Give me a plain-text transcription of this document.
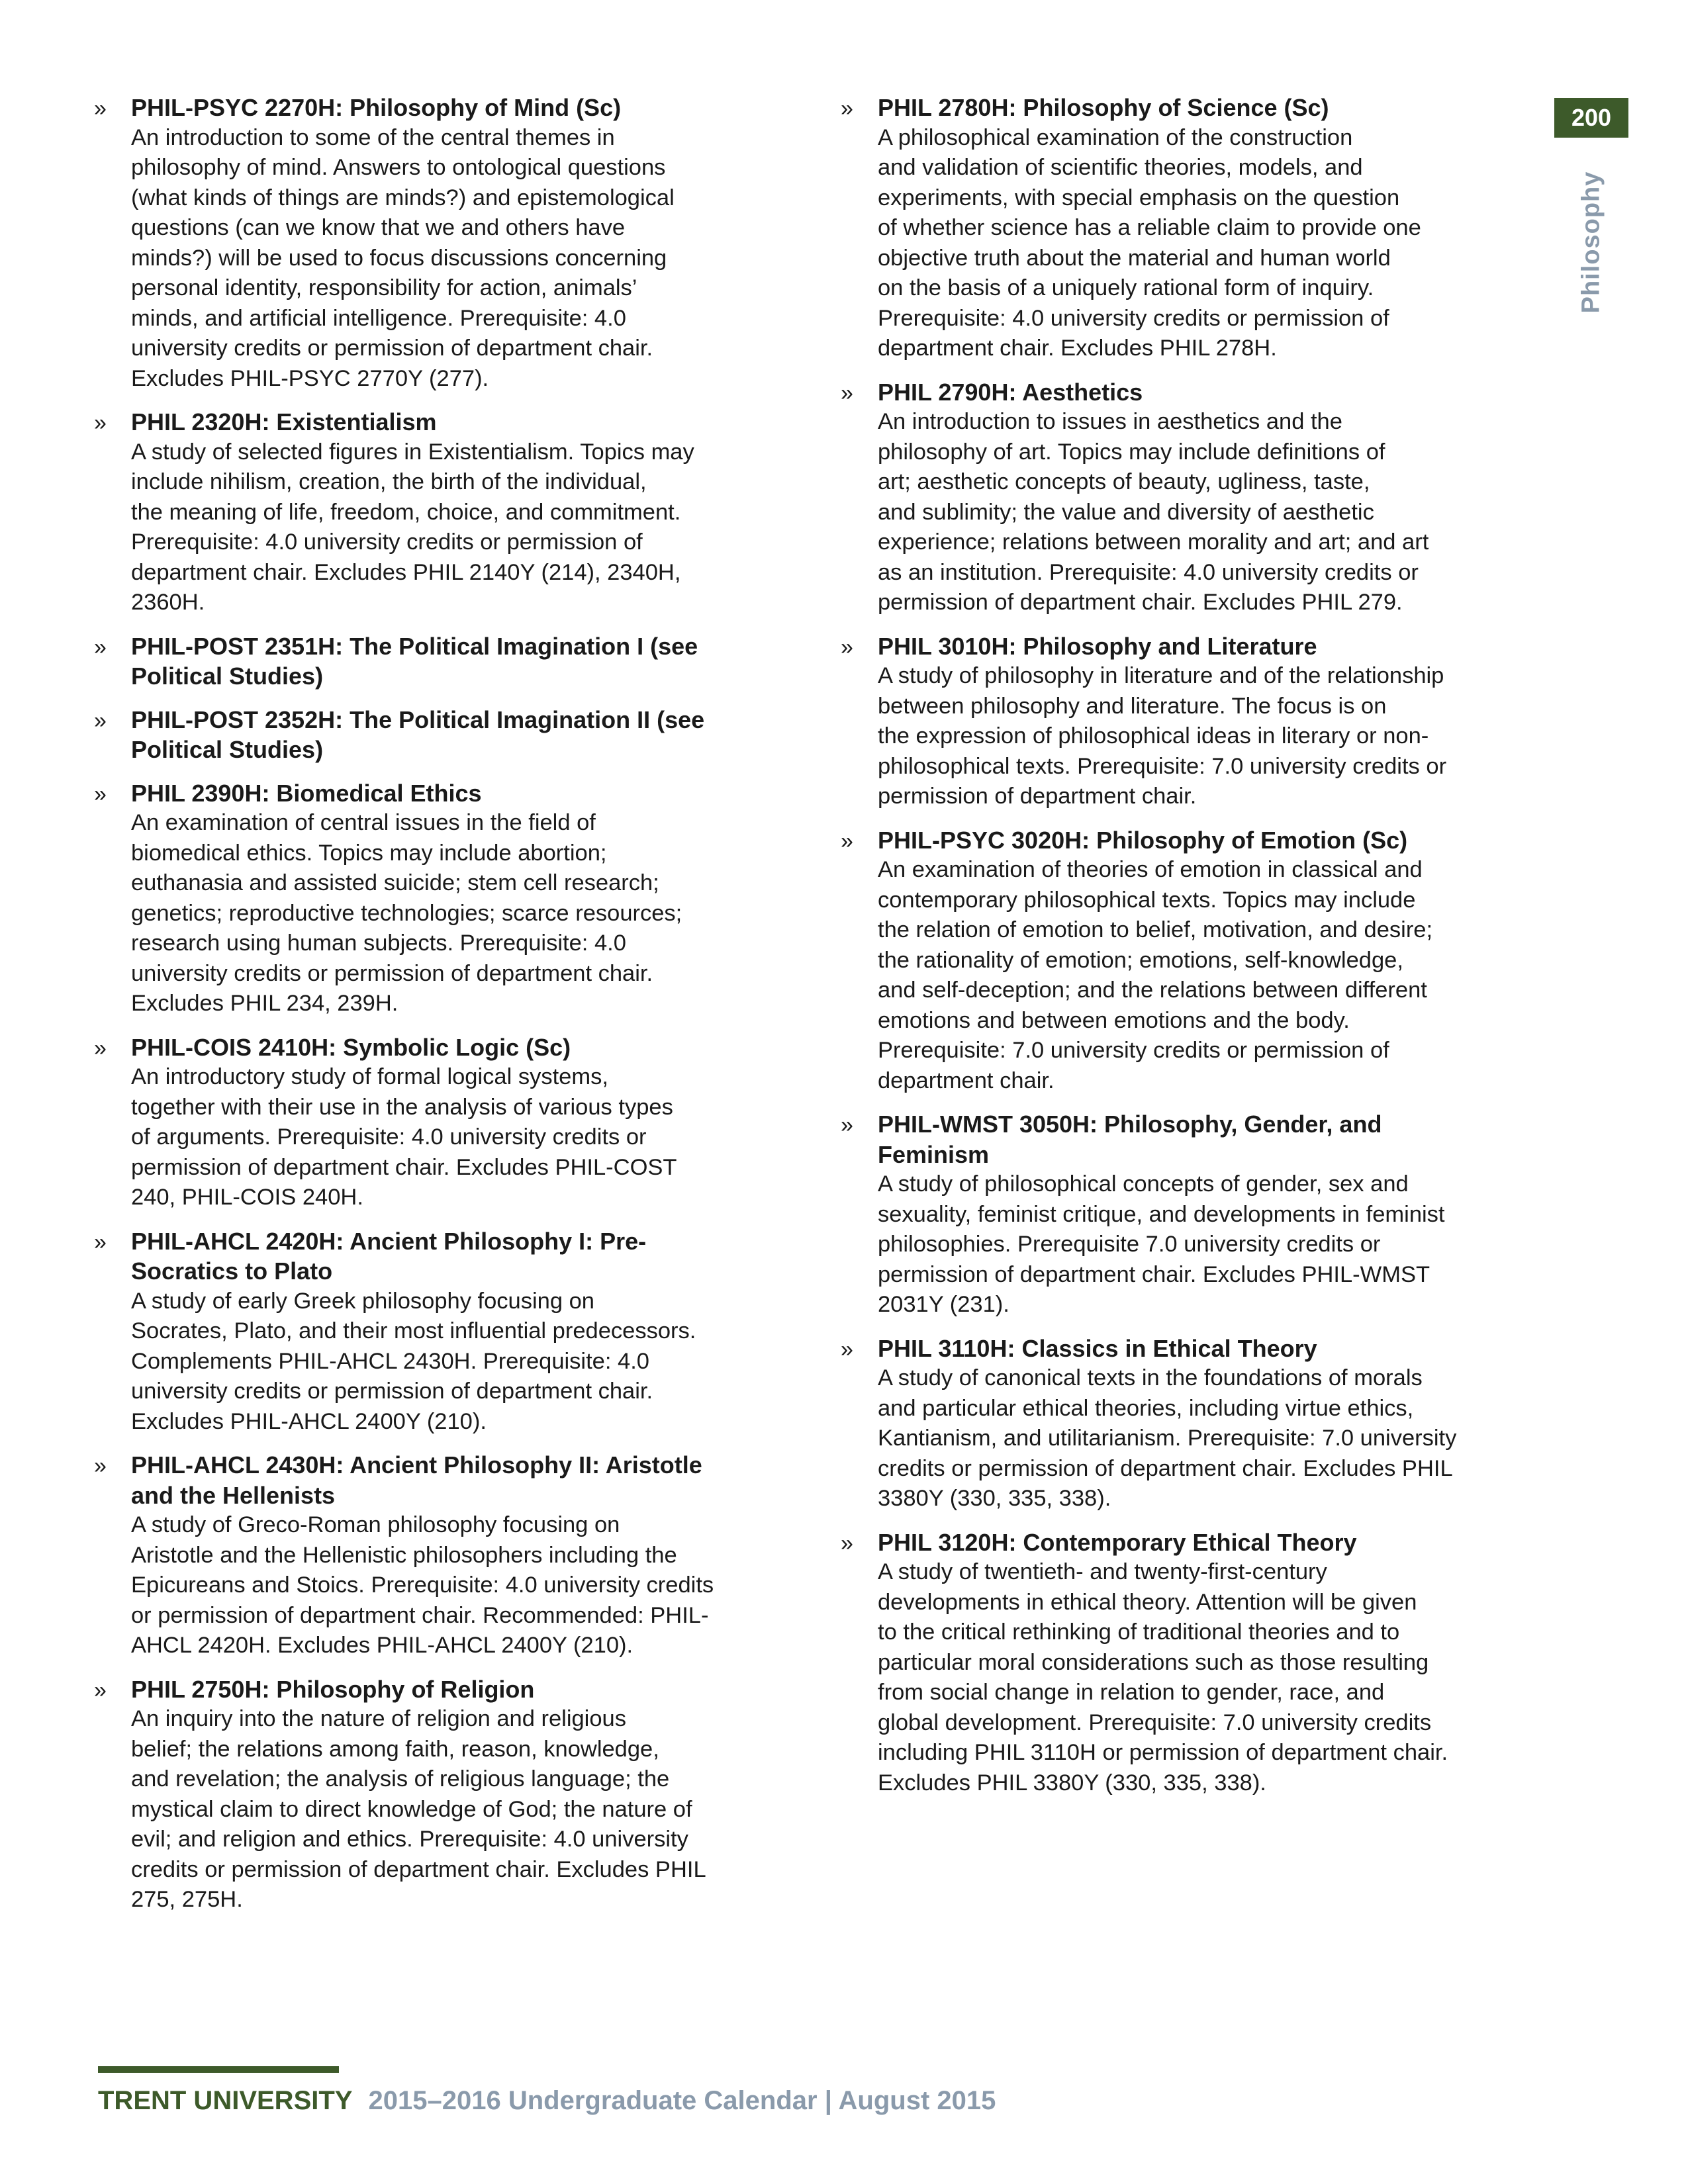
» PHIL-PSYC 2270H: Philosophy of Mind (Sc)
An introduction to some of the central themes in
philosophy of mind. Answers to ontological questions
(what kinds of things are minds?) and epistemological
questions (can we know that we and others have
minds?) will be used to focus discussions concerning
personal identity, responsibility for action, animals’
minds, and artificial intelligence. Prerequisite: 4.0
university credits or permission of department chair.
Excludes PHIL-PSYC 2770Y (277).
» PHIL 2320H: Existentialism
A study of selected figures in Existentialism. Topics may
include nihilism, creation, the birth of the individual,
the meaning of life, freedom, choice, and commitment.
Prerequisite: 4.0 university credits or permission of
department chair. Excludes PHIL 2140Y (214), 2340H,
2360H.
» PHIL-POST 2351H: The Political Imagination I (see
Political Studies)
» PHIL-POST 2352H: The Political Imagination II (see
Political Studies)
» PHIL 2390H: Biomedical Ethics
An examination of central issues in the field of
biomedical ethics. Topics may include abortion;
euthanasia and assisted suicide; stem cell research;
genetics; reproductive technologies; scarce resources;
research using human subjects. Prerequisite: 4.0
university credits or permission of department chair.
Excludes PHIL 234, 239H.
» PHIL-COIS 2410H: Symbolic Logic (Sc)
An introductory study of formal logical systems,
together with their use in the analysis of various types
of arguments. Prerequisite: 4.0 university credits or
permission of department chair. Excludes PHIL-COST
240, PHIL-COIS 240H.
» PHIL-AHCL 2420H: Ancient Philosophy I: Pre-
Socratics to Plato
A study of early Greek philosophy focusing on
Socrates, Plato, and their most influential predecessors.
Complements PHIL-AHCL 2430H. Prerequisite: 4.0
university credits or permission of department chair.
Excludes PHIL-AHCL 2400Y (210).
» PHIL-AHCL 2430H: Ancient Philosophy II: Aristotle
and the Hellenists
A study of Greco-Roman philosophy focusing on
Aristotle and the Hellenistic philosophers including the
Epicureans and Stoics. Prerequisite: 4.0 university credits
or permission of department chair. Recommended: PHIL-
AHCL 2420H. Excludes PHIL-AHCL 2400Y (210).
» PHIL 2750H: Philosophy of Religion
An inquiry into the nature of religion and religious
belief; the relations among faith, reason, knowledge,
and revelation; the analysis of religious language; the
mystical claim to direct knowledge of God; the nature of
evil; and religion and ethics. Prerequisite: 4.0 university
credits or permission of department chair. Excludes PHIL
275, 275H.
» PHIL 2780H: Philosophy of Science (Sc)
A philosophical examination of the construction
and validation of scientific theories, models, and
experiments, with special emphasis on the question
of whether science has a reliable claim to provide one
objective truth about the material and human world
on the basis of a uniquely rational form of inquiry.
Prerequisite: 4.0 university credits or permission of
department chair. Excludes PHIL 278H.
» PHIL 2790H: Aesthetics
An introduction to issues in aesthetics and the
philosophy of art. Topics may include definitions of
art; aesthetic concepts of beauty, ugliness, taste,
and sublimity; the value and diversity of aesthetic
experience; relations between morality and art; and art
as an institution. Prerequisite: 4.0 university credits or
permission of department chair. Excludes PHIL 279.
» PHIL 3010H: Philosophy and Literature
A study of philosophy in literature and of the relationship
between philosophy and literature. The focus is on
the expression of philosophical ideas in literary or non-
philosophical texts. Prerequisite: 7.0 university credits or
permission of department chair.
» PHIL-PSYC 3020H: Philosophy of Emotion (Sc)
An examination of theories of emotion in classical and
contemporary philosophical texts. Topics may include
the relation of emotion to belief, motivation, and desire;
the rationality of emotion; emotions, self-knowledge,
and self-deception; and the relations between different
emotions and between emotions and the body.
Prerequisite: 7.0 university credits or permission of
department chair.
» PHIL-WMST 3050H: Philosophy, Gender, and
Feminism
A study of philosophical concepts of gender, sex and
sexuality, feminist critique, and developments in feminist
philosophies. Prerequisite 7.0 university credits or
permission of department chair. Excludes PHIL-WMST
2031Y (231).
» PHIL 3110H: Classics in Ethical Theory
A study of canonical texts in the foundations of morals
and particular ethical theories, including virtue ethics,
Kantianism, and utilitarianism. Prerequisite: 7.0 university
credits or permission of department chair. Excludes PHIL
3380Y (330, 335, 338).
» PHIL 3120H: Contemporary Ethical Theory
A study of twentieth- and twenty-first-century
developments in ethical theory. Attention will be given
to the critical rethinking of traditional theories and to
particular moral considerations such as those resulting
from social change in relation to gender, race, and
global development. Prerequisite: 7.0 university credits
including PHIL 3110H or permission of department chair.
Excludes PHIL 3380Y (330, 335, 338).
200
Philosophy
TRENT UNIVERSITY 2015–2016 Undergraduate Calendar | August 2015
